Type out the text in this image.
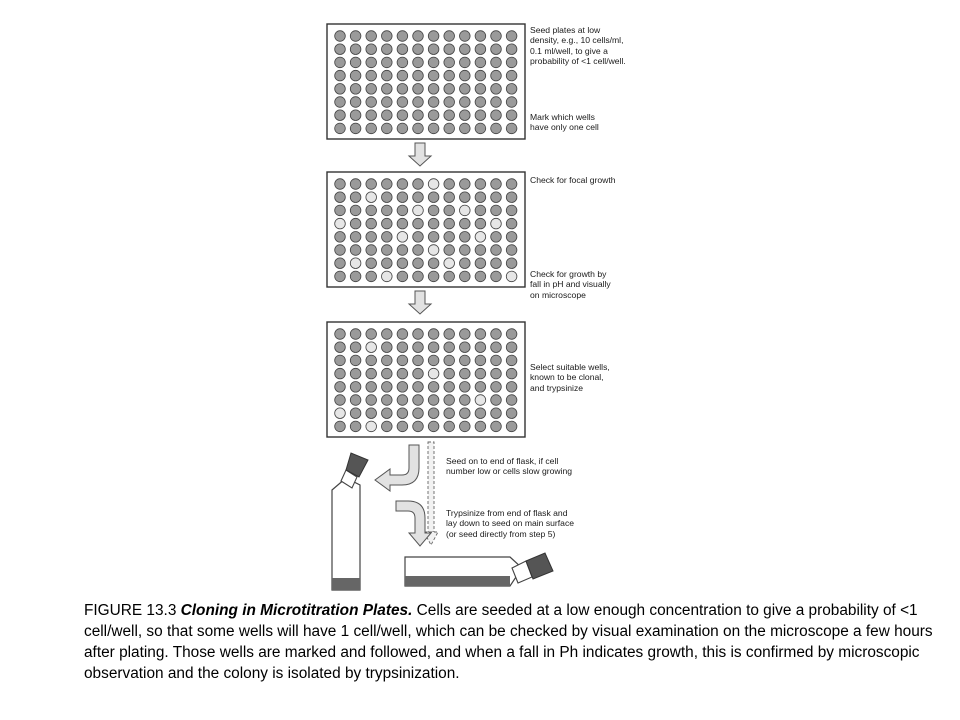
Seed plates at low
density, e.g., 10 cells/ml,
0.1 ml/well, to give a
probability of <1 cell/well.
Mark which wells
have only one cell
Check for focal growth
Check for growth by
fall in pH and visually
on microscope
Select suitable wells,
known to be clonal,
and trypsinize
Seed on to end of flask, if cell
number low or cells slow growing
Trypsinize from end of flask and
lay down to seed on main surface
(or seed directly from step 5)
FIGURE 13.3 Cloning in Microtitration Plates. Cells are seeded at a low enough concentration to give a probability of <1 cell/well, so that some wells will have 1 cell/well, which can be checked by visual examination on the microscope a few hours after plating. Those wells are marked and followed, and when a fall in Ph indicates growth, this is confirmed by microscopic observation and the colony is isolated by trypsinization.
